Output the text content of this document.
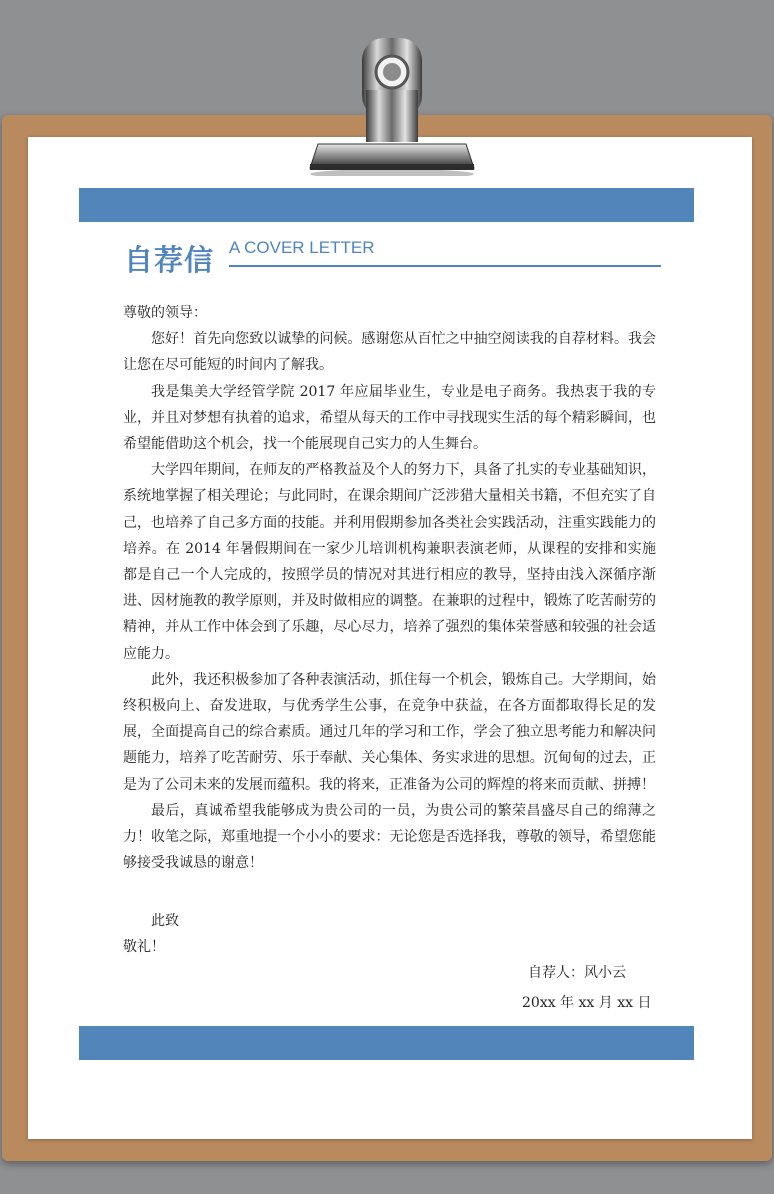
自荐信 A COVER LETTER

尊敬的领导：

您好！首先向您致以诚挚的问候。感谢您从百忙之中抽空阅读我的自荐材料。我会让您在尽可能短的时间内了解我。

我是集美大学经管学院 2017 年应届毕业生，专业是电子商务。我热衷于我的专业，并且对梦想有执着的追求，希望从每天的工作中寻找现实生活的每个精彩瞬间，也希望能借助这个机会，找一个能展现自己实力的人生舞台。

大学四年期间，在师友的严格教益及个人的努力下，具备了扎实的专业基础知识，系统地掌握了相关理论；与此同时，在课余期间广泛涉猎大量相关书籍，不但充实了自己，也培养了自己多方面的技能。并利用假期参加各类社会实践活动，注重实践能力的培养。在 2014 年暑假期间在一家少儿培训机构兼职表演老师，从课程的安排和实施都是自己一个人完成的，按照学员的情况对其进行相应的教导，坚持由浅入深循序渐进、因材施教的教学原则，并及时做相应的调整。在兼职的过程中，锻炼了吃苦耐劳的精神，并从工作中体会到了乐趣，尽心尽力，培养了强烈的集体荣誉感和较强的社会适应能力。

此外，我还积极参加了各种表演活动，抓住每一个机会，锻炼自己。大学期间，始终积极向上、奋发进取，与优秀学生公事，在竞争中获益，在各方面都取得长足的发展，全面提高自己的综合素质。通过几年的学习和工作，学会了独立思考能力和解决问题能力，培养了吃苦耐劳、乐于奉献、关心集体、务实求进的思想。沉甸甸的过去，正是为了公司未来的发展而蕴积。我的将来，正准备为公司的辉煌的将来而贡献、拼搏！

最后，真诚希望我能够成为贵公司的一员，为贵公司的繁荣昌盛尽自己的绵薄之力！收笔之际，郑重地提一个小小的要求：无论您是否选择我，尊敬的领导，希望您能够接受我诚恳的谢意！

此致
敬礼！
自荐人：风小云
20xx 年 xx 月 xx 日
